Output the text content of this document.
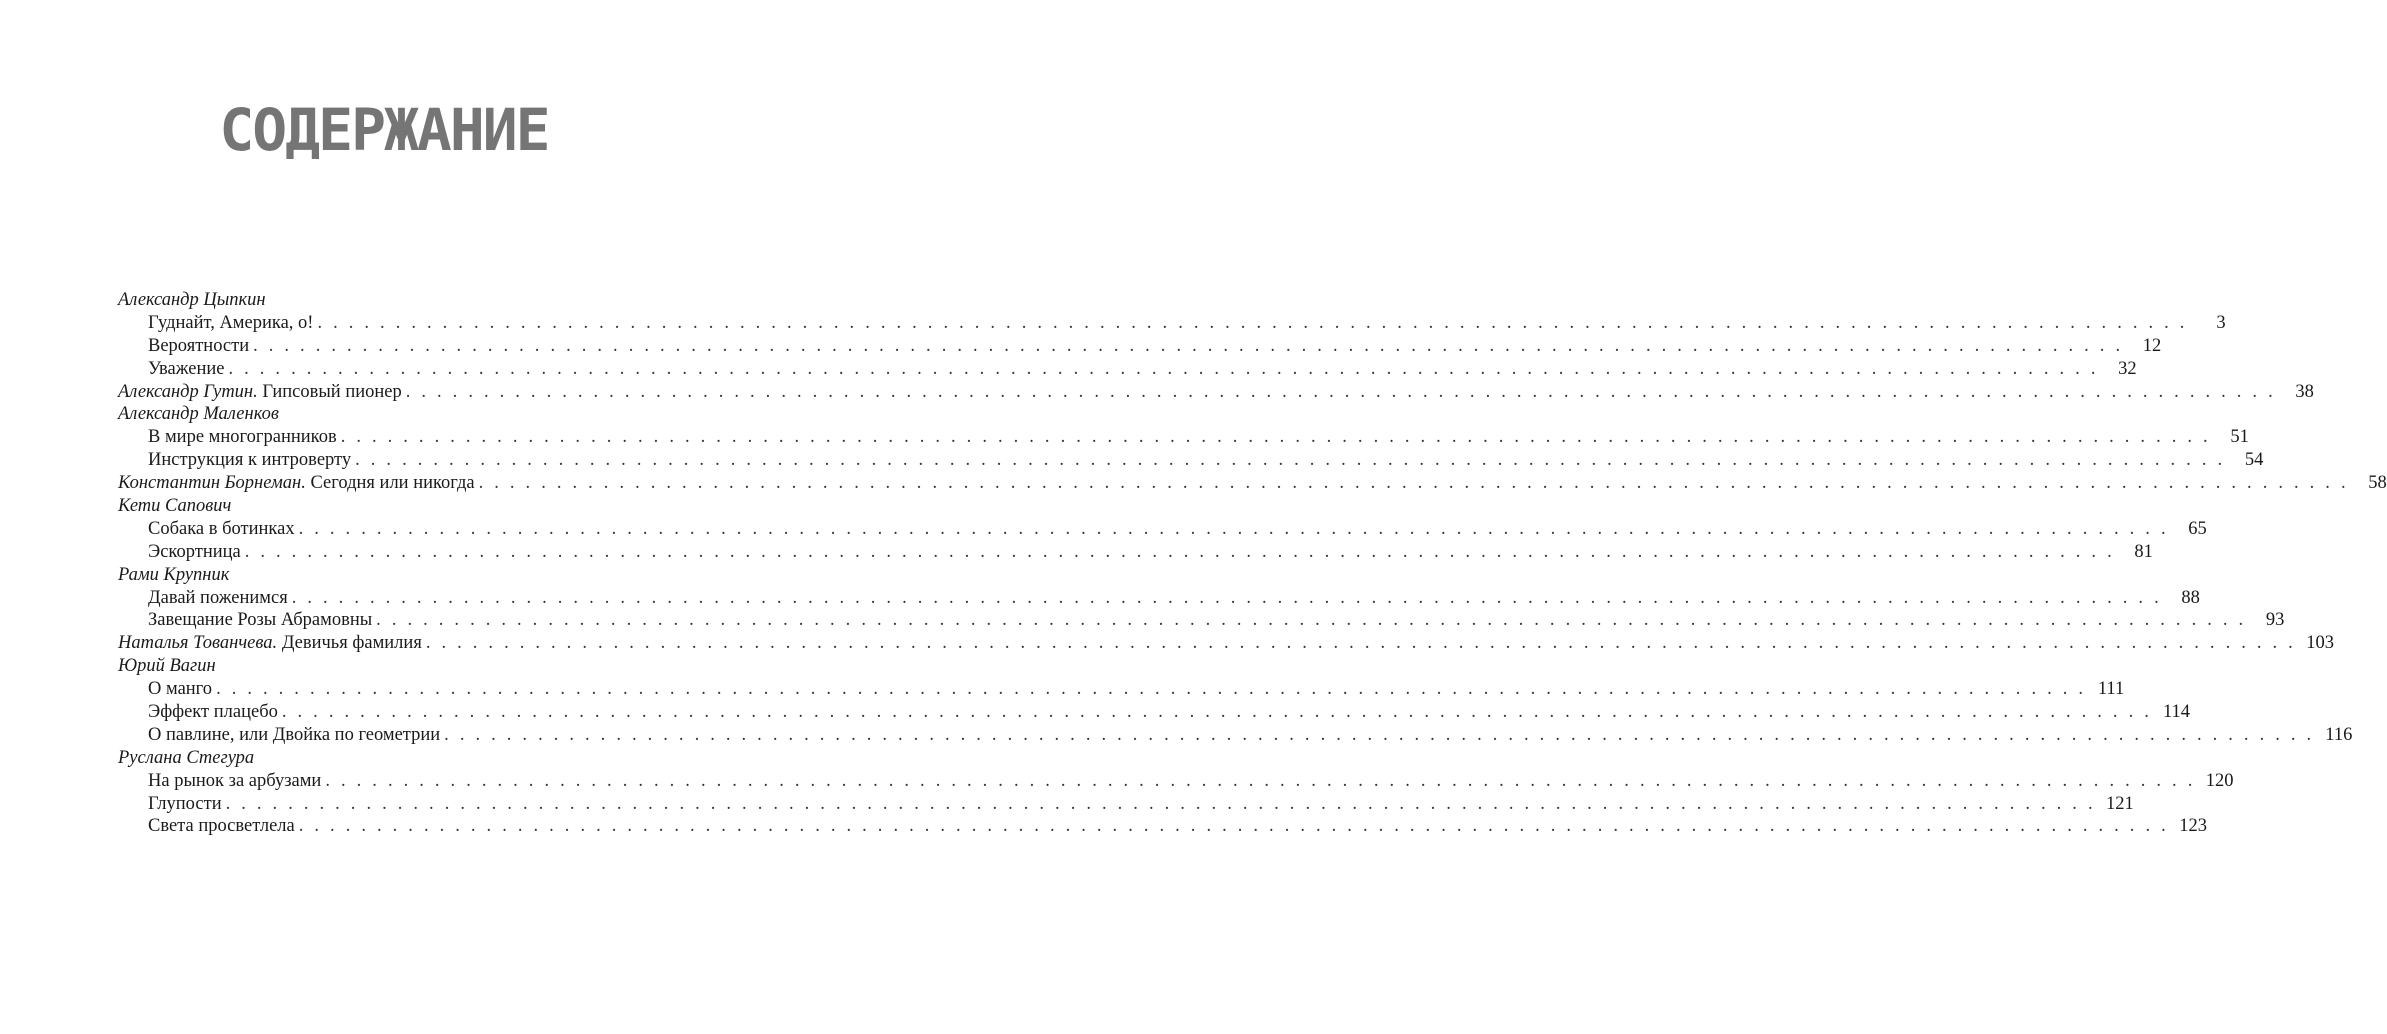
СОДЕРЖАНИЕ
Александр Цыпкин
Гуднайт, Америка, о! . . . . . . . . . . . . . . . . . . . . . . . . . . . . . . . . . . . . . . . . . . . . . . . . . . . . . . . . . . . . . . . . . . . . . . . . . . . . . . . . . . . . . . . . . . . . . . . . . . . . . . . . . . . . . . . . . . . . . . . .	3
Вероятности . . . . . . . . . . . . . . . . . . . . . . . . . . . . . . . . . . . . . . . . . . . . . . . . . . . . . . . . . . . . . . . . . . . . . . . . . . . . . . . . . . . . . . . . . . . . . . . . . . . . . . . . . . . . . . . . . . . . . . . .	12
Уважение . . . . . . . . . . . . . . . . . . . . . . . . . . . . . . . . . . . . . . . . . . . . . . . . . . . . . . . . . . . . . . . . . . . . . . . . . . . . . . . . . . . . . . . . . . . . . . . . . . . . . . . . . . . . . . . . . . . . . . . .	32
Александр Гутин. Гипсовый пионер . . . . . . . . . . . . . . . . . . . . . . . . . . . . . . . . . . . . . . . . . . . . . . . . . . . . . . . . . . . . . . . . . . . . . . . . . . . . . . . . . . . . . . . . . . . . . . . . . . . . . . . . . . . . . . . . . . . . . . . .	38
Александр Маленков
В мире многогранников . . . . . . . . . . . . . . . . . . . . . . . . . . . . . . . . . . . . . . . . . . . . . . . . . . . . . . . . . . . . . . . . . . . . . . . . . . . . . . . . . . . . . . . . . . . . . . . . . . . . . . . . . . . . . . . . . . . . . . . .	51
Инструкция к интроверту . . . . . . . . . . . . . . . . . . . . . . . . . . . . . . . . . . . . . . . . . . . . . . . . . . . . . . . . . . . . . . . . . . . . . . . . . . . . . . . . . . . . . . . . . . . . . . . . . . . . . . . . . . . . . . . . . . . . . . . .	54
Константин Борнеман. Сегодня или никогда . . . . . . . . . . . . . . . . . . . . . . . . . . . . . . . . . . . . . . . . . . . . . . . . . . . . . . . . . . . . . . . . . . . . . . . . . . . . . . . . . . . . . . . . . . . . . . . . . . . . . . . . . . . . . . . . . . . . . . . .	58
Кети Сапович
Собака в ботинках . . . . . . . . . . . . . . . . . . . . . . . . . . . . . . . . . . . . . . . . . . . . . . . . . . . . . . . . . . . . . . . . . . . . . . . . . . . . . . . . . . . . . . . . . . . . . . . . . . . . . . . . . . . . . . . . . . . . . . . .	65
Эскортница . . . . . . . . . . . . . . . . . . . . . . . . . . . . . . . . . . . . . . . . . . . . . . . . . . . . . . . . . . . . . . . . . . . . . . . . . . . . . . . . . . . . . . . . . . . . . . . . . . . . . . . . . . . . . . . . . . . . . . . .	81
Рами Крупник
Давай поженимся . . . . . . . . . . . . . . . . . . . . . . . . . . . . . . . . . . . . . . . . . . . . . . . . . . . . . . . . . . . . . . . . . . . . . . . . . . . . . . . . . . . . . . . . . . . . . . . . . . . . . . . . . . . . . . . . . . . . . . . .	88
Завещание Розы Абрамовны . . . . . . . . . . . . . . . . . . . . . . . . . . . . . . . . . . . . . . . . . . . . . . . . . . . . . . . . . . . . . . . . . . . . . . . . . . . . . . . . . . . . . . . . . . . . . . . . . . . . . . . . . . . . . . . . . . . . . . . .	93
Наталья Тованчева. Девичья фамилия . . . . . . . . . . . . . . . . . . . . . . . . . . . . . . . . . . . . . . . . . . . . . . . . . . . . . . . . . . . . . . . . . . . . . . . . . . . . . . . . . . . . . . . . . . . . . . . . . . . . . . . . . . . . . . . . . . . . . . . . 103
Юрий Вагин
О манго . . . . . . . . . . . . . . . . . . . . . . . . . . . . . . . . . . . . . . . . . . . . . . . . . . . . . . . . . . . . . . . . . . . . . . . . . . . . . . . . . . . . . . . . . . . . . . . . . . . . . . . . . . . . . . . . . . . . . . . . 111
Эффект плацебо . . . . . . . . . . . . . . . . . . . . . . . . . . . . . . . . . . . . . . . . . . . . . . . . . . . . . . . . . . . . . . . . . . . . . . . . . . . . . . . . . . . . . . . . . . . . . . . . . . . . . . . . . . . . . . . . . . . . . . . . 114
О павлине, или Двойка по геометрии . . . . . . . . . . . . . . . . . . . . . . . . . . . . . . . . . . . . . . . . . . . . . . . . . . . . . . . . . . . . . . . . . . . . . . . . . . . . . . . . . . . . . . . . . . . . . . . . . . . . . . . . . . . . . . . . . . . . . . . . 116
Руслана Стегура
На рынок за арбузами . . . . . . . . . . . . . . . . . . . . . . . . . . . . . . . . . . . . . . . . . . . . . . . . . . . . . . . . . . . . . . . . . . . . . . . . . . . . . . . . . . . . . . . . . . . . . . . . . . . . . . . . . . . . . . . . . . . . . . . . 120
Глупости . . . . . . . . . . . . . . . . . . . . . . . . . . . . . . . . . . . . . . . . . . . . . . . . . . . . . . . . . . . . . . . . . . . . . . . . . . . . . . . . . . . . . . . . . . . . . . . . . . . . . . . . . . . . . . . . . . . . . . . . 121
Света просветлела . . . . . . . . . . . . . . . . . . . . . . . . . . . . . . . . . . . . . . . . . . . . . . . . . . . . . . . . . . . . . . . . . . . . . . . . . . . . . . . . . . . . . . . . . . . . . . . . . . . . . . . . . . . . . . . . . . . . . . . . 123
